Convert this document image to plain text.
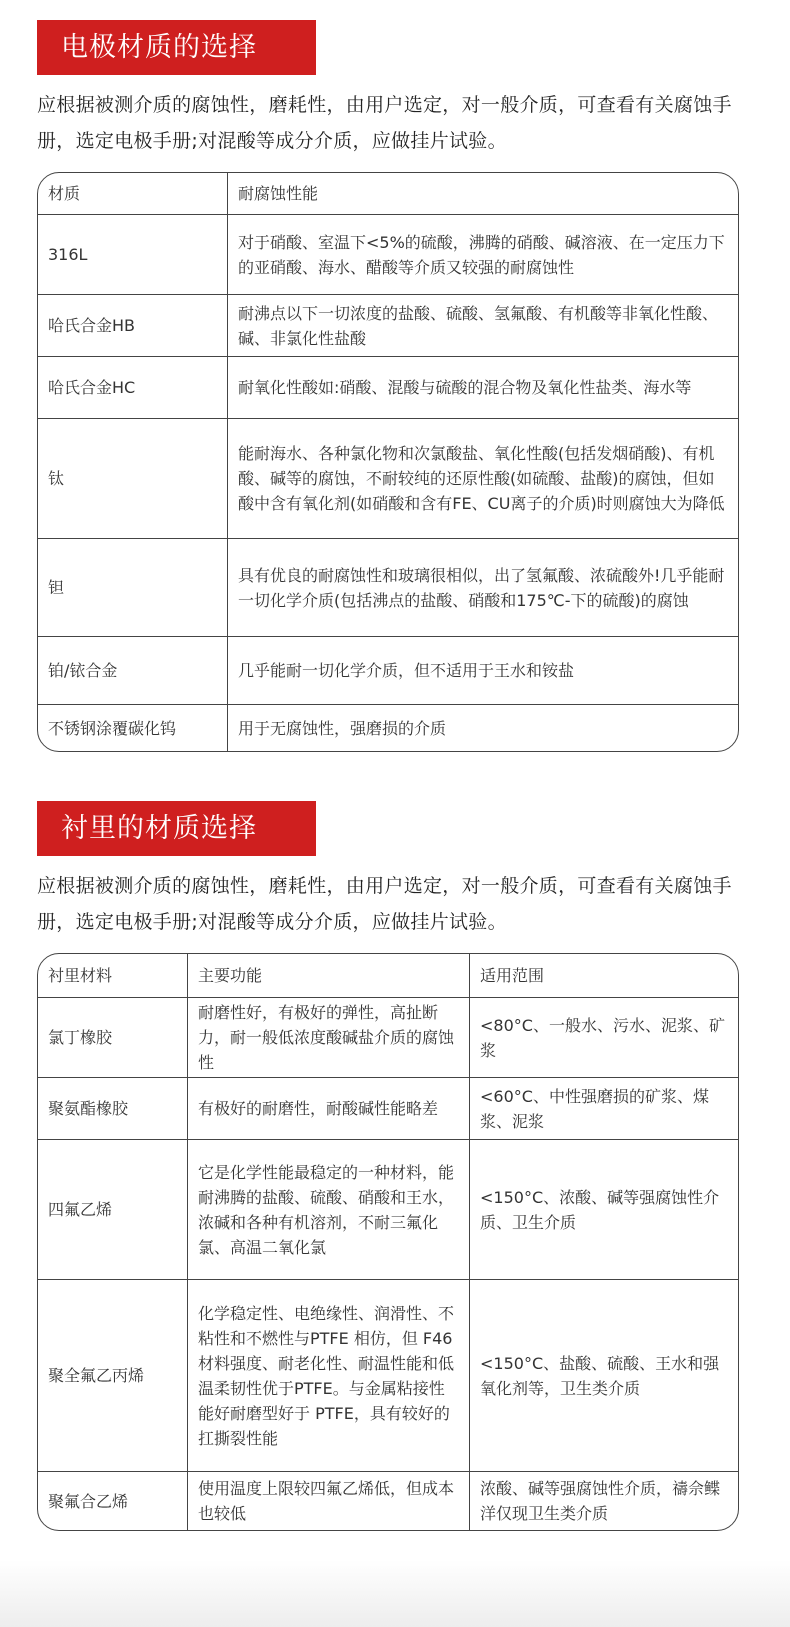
电极材质的选择
应根据被测介质的腐蚀性，磨耗性，由用户选定，对一般介质，可查看有关腐蚀手册，选定电极手册;对混酸等成分介质，应做挂片试验。
材质	耐腐蚀性能
316L	对于硝酸、室温下<5%的硫酸，沸腾的硝酸、碱溶液、在一定压力下的亚硝酸、海水、醋酸等介质又较强的耐腐蚀性
哈氏合金HB	耐沸点以下一切浓度的盐酸、硫酸、氢氟酸、有机酸等非氧化性酸、碱、非氯化性盐酸
哈氏合金HC	耐氧化性酸如:硝酸、混酸与硫酸的混合物及氧化性盐类、海水等
钛	能耐海水、各种氯化物和次氯酸盐、氧化性酸(包括发烟硝酸)、有机酸、碱等的腐蚀，不耐较纯的还原性酸(如硫酸、盐酸)的腐蚀，但如酸中含有氧化剂(如硝酸和含有FE、CU离子的介质)时则腐蚀大为降低
钽	具有优良的耐腐蚀性和玻璃很相似，出了氢氟酸、浓硫酸外!几乎能耐一切化学介质(包括沸点的盐酸、硝酸和175℃-下的硫酸)的腐蚀
铂/铱合金	几乎能耐一切化学介质，但不适用于王水和铵盐
不锈钢涂覆碳化钨	用于无腐蚀性，强磨损的介质
衬里的材质选择
应根据被测介质的腐蚀性，磨耗性，由用户选定，对一般介质，可查看有关腐蚀手册，选定电极手册;对混酸等成分介质，应做挂片试验。
衬里材料	主要功能	适用范围
氯丁橡胶	耐磨性好，有极好的弹性，高扯断力，耐一般低浓度酸碱盐介质的腐蚀性	<80°C、一般水、污水、泥浆、矿浆
聚氨酯橡胶	有极好的耐磨性，耐酸碱性能略差	<60°C、中性强磨损的矿浆、煤浆、泥浆
四氟乙烯	它是化学性能最稳定的一种材料，能耐沸腾的盐酸、硫酸、硝酸和王水，浓碱和各种有机溶剂，不耐三氟化氯、高温二氧化氯	<150°C、浓酸、碱等强腐蚀性介质、卫生介质
聚全氟乙丙烯	化学稳定性、电绝缘性、润滑性、不粘性和不燃性与PTFE 相仿，但 F46 材料强度、耐老化性、耐温性能和低温柔韧性优于PTFE。与金属粘接性能好耐磨型好于 PTFE，具有较好的扛撕裂性能	<150°C、盐酸、硫酸、王水和强氧化剂等，卫生类介质
聚氟合乙烯	使用温度上限较四氟乙烯低，但成本也较低	浓酸、碱等强腐蚀性介质，禱佘鲽洋仅现卫生类介质
